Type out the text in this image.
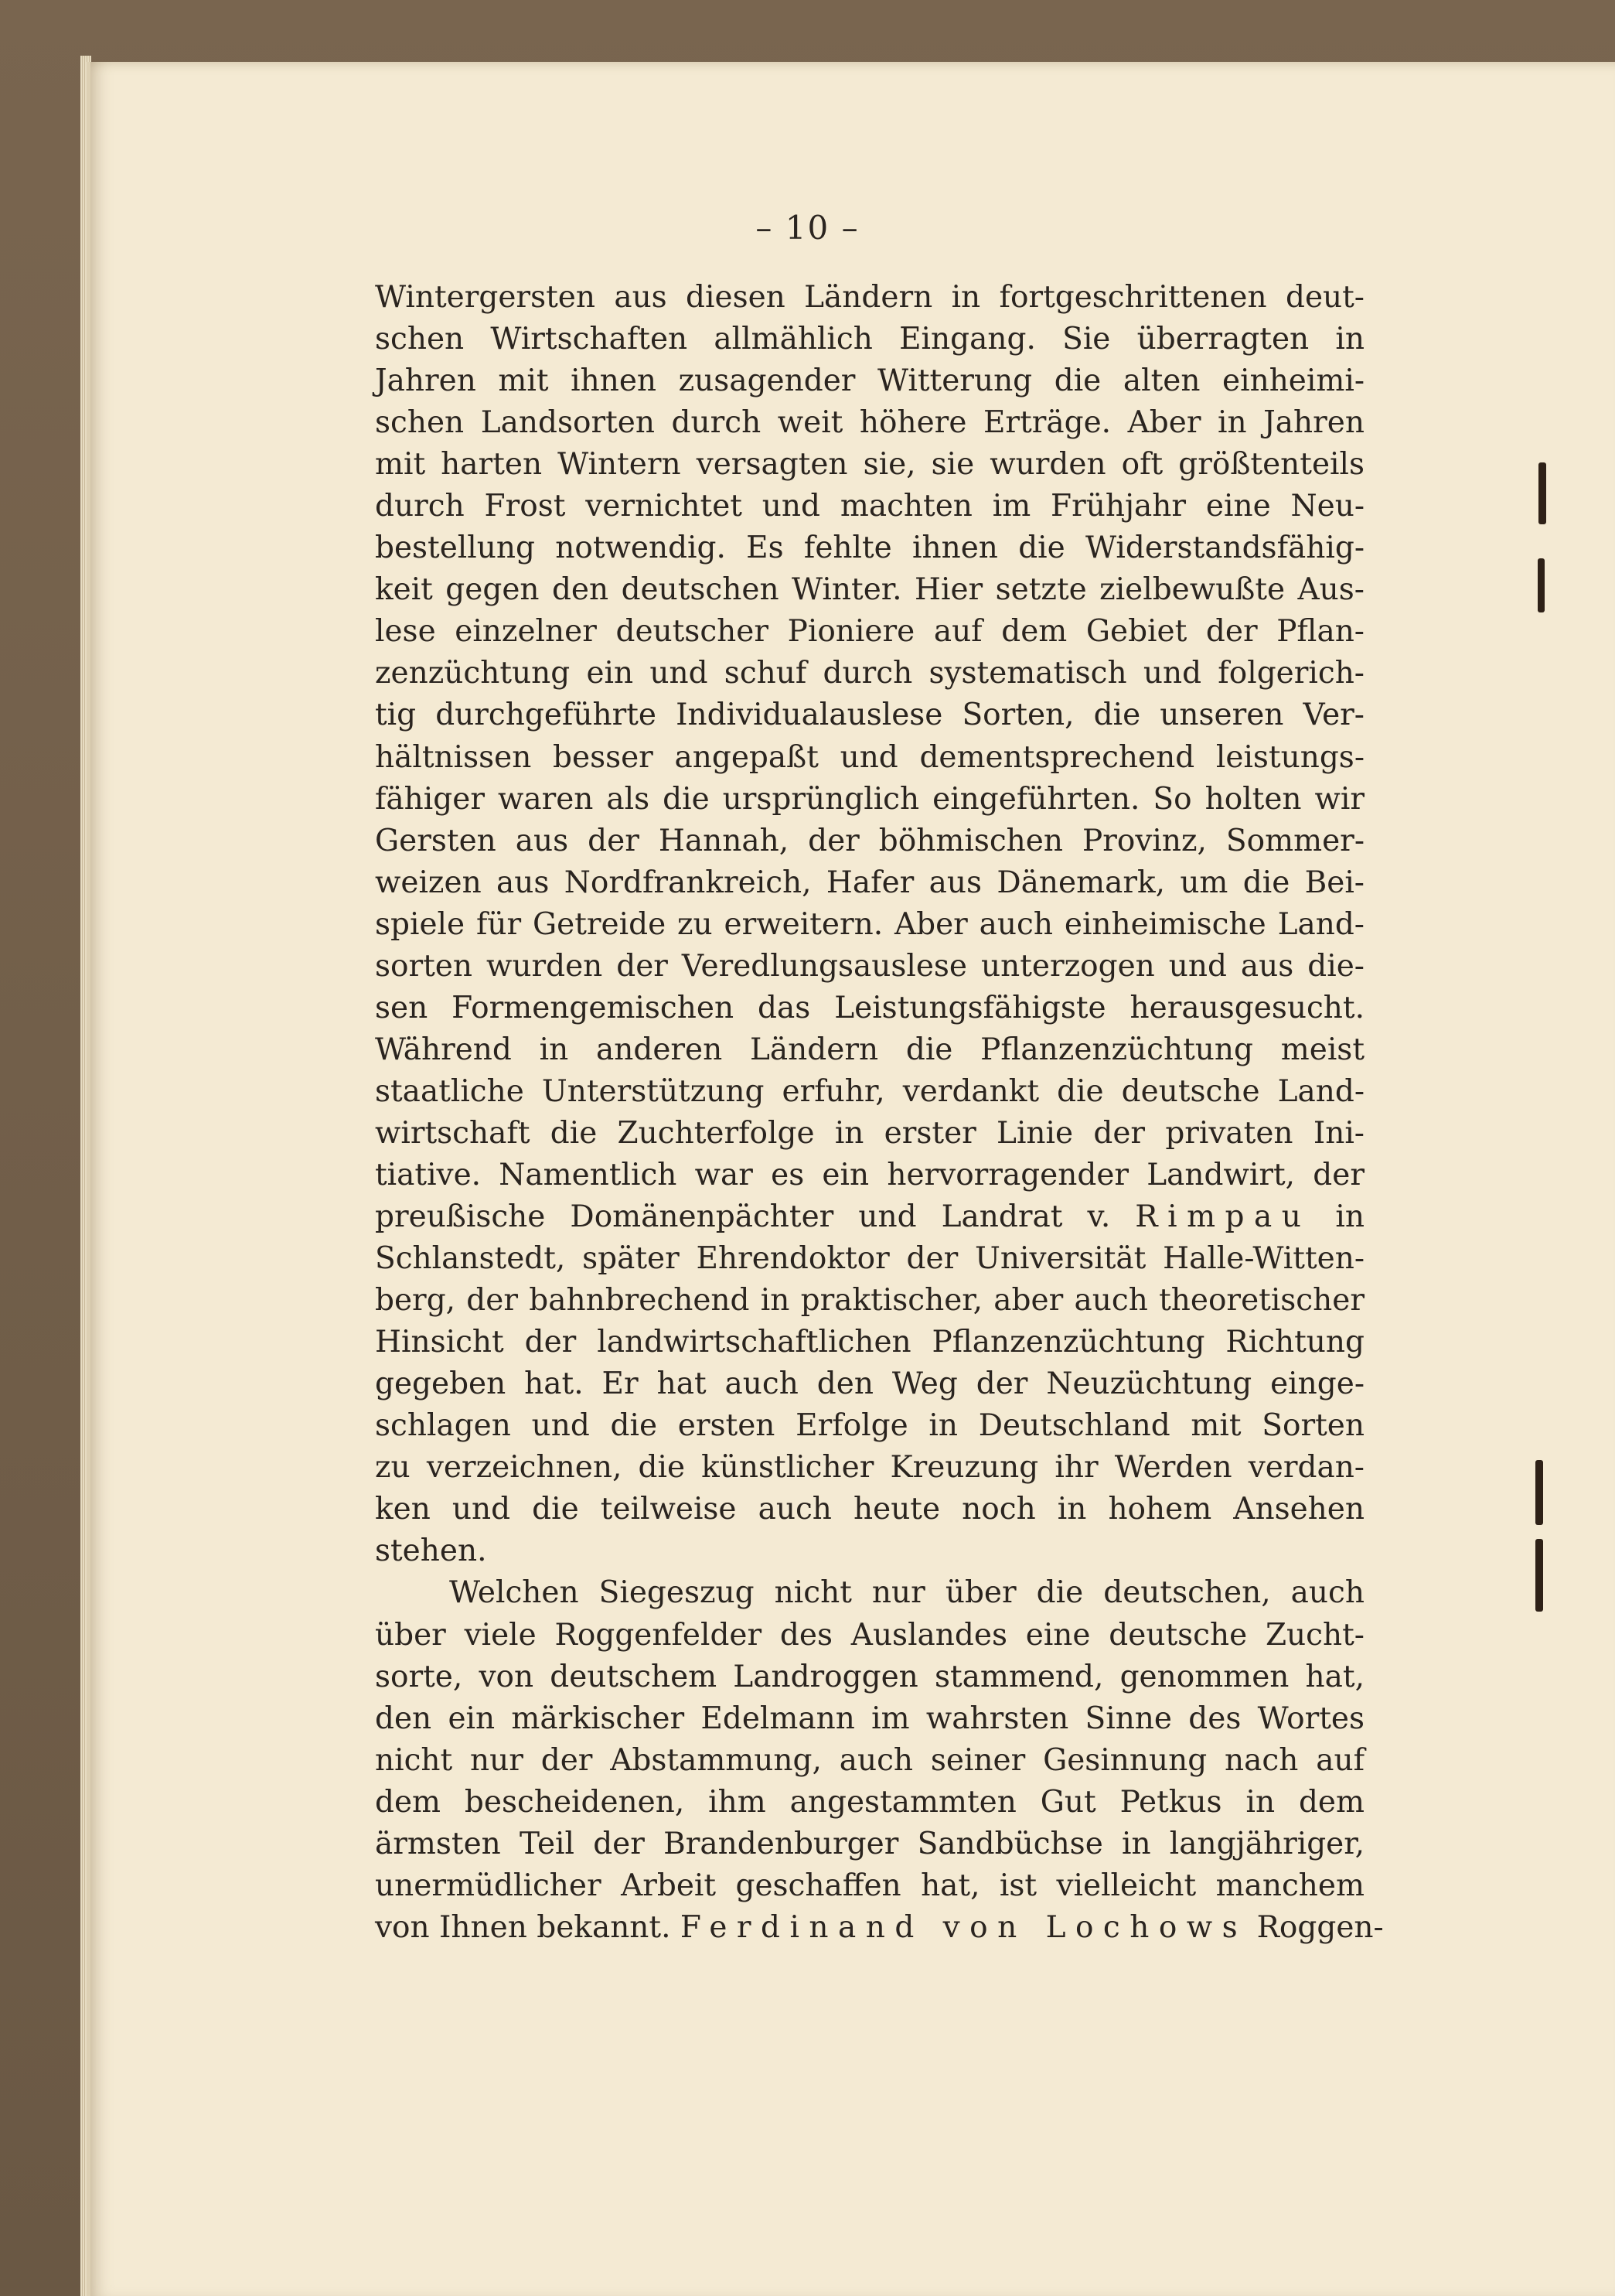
– 10 –
Wintergersten aus diesen Ländern in fortgeschrittenen deut-
schen Wirtschaften allmählich Eingang. Sie überragten in
Jahren mit ihnen zusagender Witterung die alten einheimi-
schen Landsorten durch weit höhere Erträge. Aber in Jahren
mit harten Wintern versagten sie, sie wurden oft größtenteils
durch Frost vernichtet und machten im Frühjahr eine Neu-
bestellung notwendig. Es fehlte ihnen die Widerstandsfähig-
keit gegen den deutschen Winter. Hier setzte zielbewußte Aus-
lese einzelner deutscher Pioniere auf dem Gebiet der Pflan-
zenzüchtung ein und schuf durch systematisch und folgerich-
tig durchgeführte Individualauslese Sorten, die unseren Ver-
hältnissen besser angepaßt und dementsprechend leistungs-
fähiger waren als die ursprünglich eingeführten. So holten wir
Gersten aus der Hannah, der böhmischen Provinz, Sommer-
weizen aus Nordfrankreich, Hafer aus Dänemark, um die Bei-
spiele für Getreide zu erweitern. Aber auch einheimische Land-
sorten wurden der Veredlungsauslese unterzogen und aus die-
sen Formengemischen das Leistungsfähigste herausgesucht.
Während in anderen Ländern die Pflanzenzüchtung meist
staatliche Unterstützung erfuhr, verdankt die deutsche Land-
wirtschaft die Zuchterfolge in erster Linie der privaten Ini-
tiative. Namentlich war es ein hervorragender Landwirt, der
preußische Domänenpächter und Landrat v. Rimpau in
Schlanstedt, später Ehrendoktor der Universität Halle-Witten-
berg, der bahnbrechend in praktischer, aber auch theoretischer
Hinsicht der landwirtschaftlichen Pflanzenzüchtung Richtung
gegeben hat. Er hat auch den Weg der Neuzüchtung einge-
schlagen und die ersten Erfolge in Deutschland mit Sorten
zu verzeichnen, die künstlicher Kreuzung ihr Werden verdan-
ken und die teilweise auch heute noch in hohem Ansehen
stehen.
Welchen Siegeszug nicht nur über die deutschen, auch
über viele Roggenfelder des Auslandes eine deutsche Zucht-
sorte, von deutschem Landroggen stammend, genommen hat,
den ein märkischer Edelmann im wahrsten Sinne des Wortes
nicht nur der Abstammung, auch seiner Gesinnung nach auf
dem bescheidenen, ihm angestammten Gut Petkus in dem
ärmsten Teil der Brandenburger Sandbüchse in langjähriger,
unermüdlicher Arbeit geschaffen hat, ist vielleicht manchem
von Ihnen bekannt. Ferdinand von Lochows Roggen-
